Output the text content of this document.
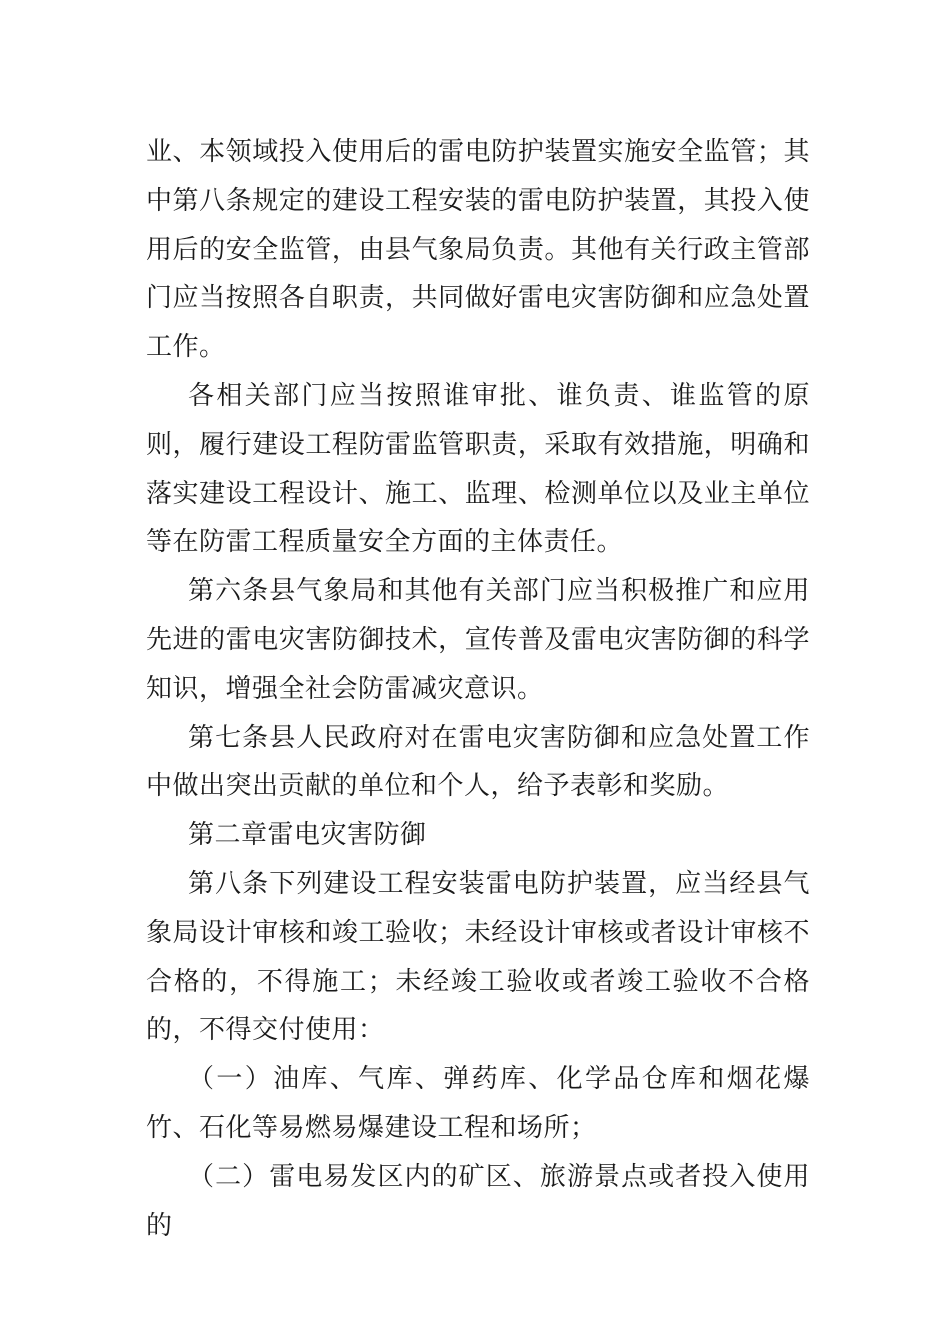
业、本领域投入使用后的雷电防护装置实施安全监管；其中第八条规定的建设工程安装的雷电防护装置，其投入使用后的安全监管，由县气象局负责。其他有关行政主管部门应当按照各自职责，共同做好雷电灾害防御和应急处置工作。

各相关部门应当按照谁审批、谁负责、谁监管的原则，履行建设工程防雷监管职责，采取有效措施，明确和落实建设工程设计、施工、监理、检测单位以及业主单位等在防雷工程质量安全方面的主体责任。

第六条县气象局和其他有关部门应当积极推广和应用先进的雷电灾害防御技术，宣传普及雷电灾害防御的科学知识，增强全社会防雷减灾意识。

第七条县人民政府对在雷电灾害防御和应急处置工作中做出突出贡献的单位和个人，给予表彰和奖励。

第二章雷电灾害防御

第八条下列建设工程安装雷电防护装置，应当经县气象局设计审核和竣工验收；未经设计审核或者设计审核不合格的，不得施工；未经竣工验收或者竣工验收不合格的，不得交付使用：

（一）油库、气库、弹药库、化学品仓库和烟花爆竹、石化等易燃易爆建设工程和场所；

（二）雷电易发区内的矿区、旅游景点或者投入使用的
